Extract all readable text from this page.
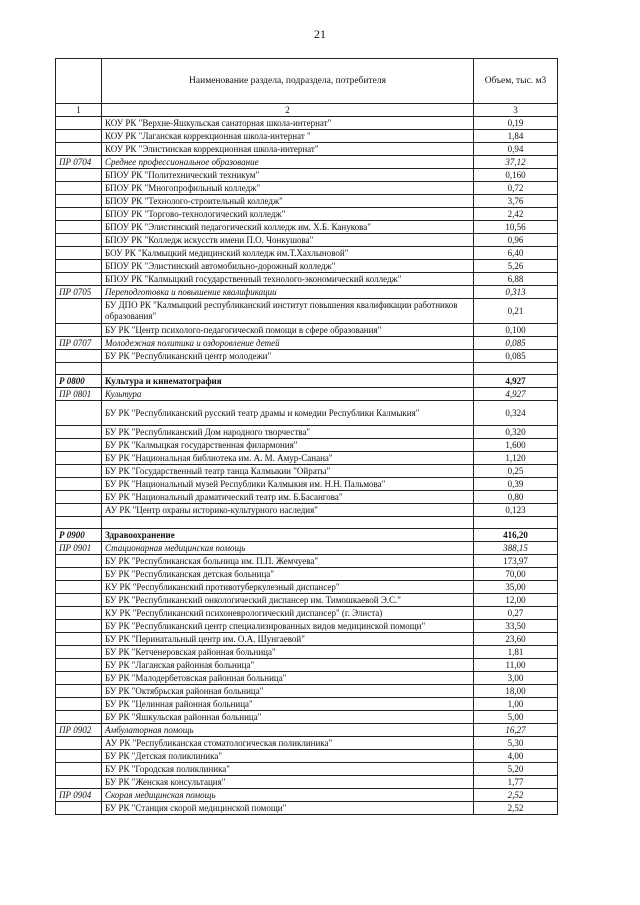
21
	Наименование раздела, подраздела, потребителя	Объем, тыс. м3
1	2	3
	КОУ РК "Верхне-Яшкульская санаторная школа-интернат"	0,19
	КОУ РК "Лаганская коррекционная школа-интернат "	1,84
	КОУ РК "Элистинская коррекционная школа-интернат"	0,94
ПР 0704	Среднее профессиональное образование	37,12
	БПОУ РК "Политехнический техникум"	0,160
	БПОУ РК "Многопрофильный колледж"	0,72
	БПОУ РК "Технолого-строительный колледж"	3,76
	БПОУ РК "Торгово-технологический колледж"	2,42
	БПОУ РК "Элистинский педагогический колледж им. Х.Б. Канукова"	10,56
	БПОУ РК "Колледж искусств имени П.О. Чонкушова"	0,96
	БОУ РК "Калмыцкий медицинский колледж им.Т.Хахлыновой"	6,40
	БПОУ РК "Элистинский автомобильно-дорожный колледж"	5,26
	БПОУ РК "Калмыцкий государственный технолого-экономический колледж"	6,88
ПР 0705	Переподготовка и повышение квалификации	0,313
	БУ ДПО РК "Калмыцкий республиканский институт повышения квалификации работников образования"	0,21
	БУ РК "Центр психолого-педагогической помощи в сфере образования"	0,100
ПР 0707	Молодежная политика и оздоровление детей	0,085
	БУ РК "Республиканский центр молодежи"	0,085

Р 0800	Культура и кинематография	4,927
ПР 0801	Культура	4,927
	БУ РК "Республиканский русский театр драмы и комедии Республики Калмыкия"	0,324
	БУ РК "Республиканский Дом народного творчества"	0,320
	БУ РК "Калмыцкая государственная филармония"	1,600
	БУ РК "Национальная библиотека им. А. М. Амур-Санана"	1,120
	БУ РК "Государственный театр танца Калмыкии "Ойраты"	0,25
	БУ РК "Национальный музей Республики Калмыкия им. Н.Н. Пальмова"	0,39
	БУ РК "Национальный драматический театр им. Б.Басангова"	0,80
	АУ РК "Центр охраны историко-культурного наследия"	0,123

Р 0900	Здравоохранение	416,20
ПР 0901	Стационарная медицинская помощь	388,15
	БУ РК "Республиканская больница им. П.П. Жемчуева"	173,97
	БУ РК "Республиканская детская больница"	70,00
	КУ РК "Республиканский противотуберкулезный диспансер"	35,00
	БУ РК "Республиканский онкологический диспансер им. Тимошкаевой Э.С."	12,00
	КУ РК "Республиканский психоневрологический диспансер" (г. Элиста)	0,27
	БУ РК "Республиканский центр специализированных видов медицинской помощи"	33,50
	БУ РК "Перинатальный центр им. О.А. Шунгаевой"	23,60
	БУ РК "Кетченеровская районная больница"	1,81
	БУ РК "Лаганская районная больница"	11,00
	БУ РК "Малодербетовская районная больница"	3,00
	БУ РК "Октябрьская районная больница"	18,00
	БУ РК "Целинная районная больница"	1,00
	БУ РК "Яшкульская районная больница"	5,00
ПР 0902	Амбулаторная помощь	16,27
	АУ РК "Республиканская стоматологическая поликлиника"	5,30
	БУ РК "Детская поликлиника"	4,00
	БУ РК "Городская поликлиника"	5,20
	БУ РК "Женская консультация"	1,77
ПР 0904	Скорая медицинская помощь	2,52
	БУ РК "Станция скорой медицинской помощи"	2,52
